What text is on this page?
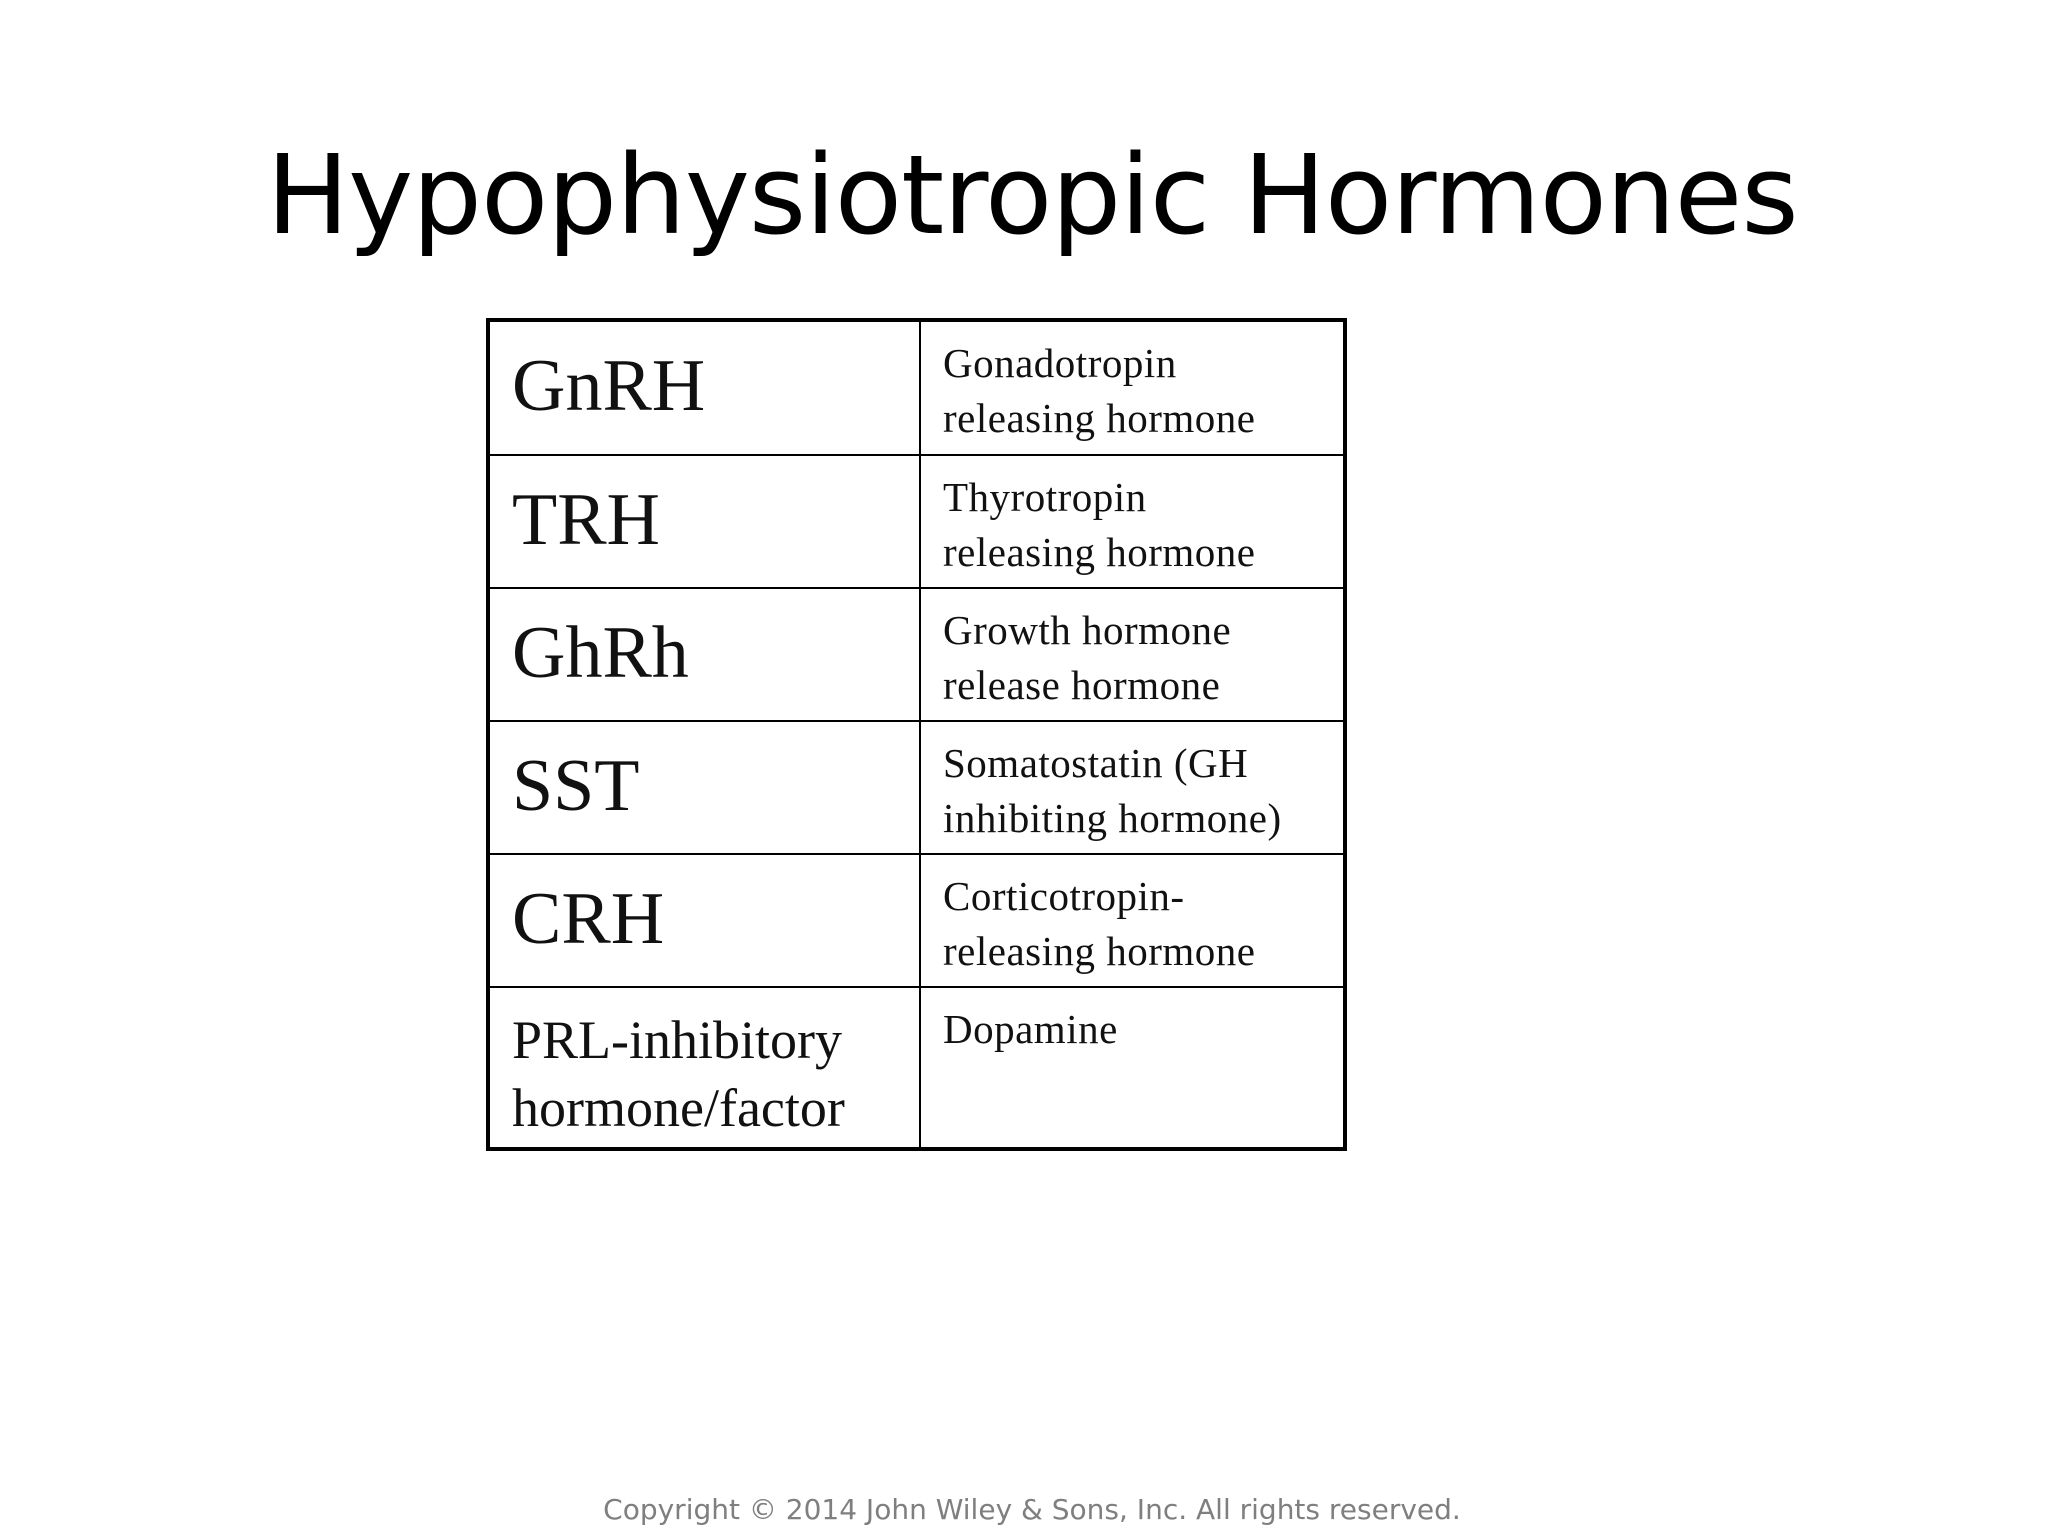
Hypophysiotropic Hormones
GnRH	Gonadotropin
releasing hormone

TRH	Thyrotropin
releasing hormone

GhRh	Growth hormone
release hormone

SST	Somatostatin (GH
inhibiting hormone)

CRH	Corticotropin-
releasing hormone

PRL-inhibitory
hormone/factor	Dopamine
Copyright © 2014 John Wiley & Sons, Inc. All rights reserved.
